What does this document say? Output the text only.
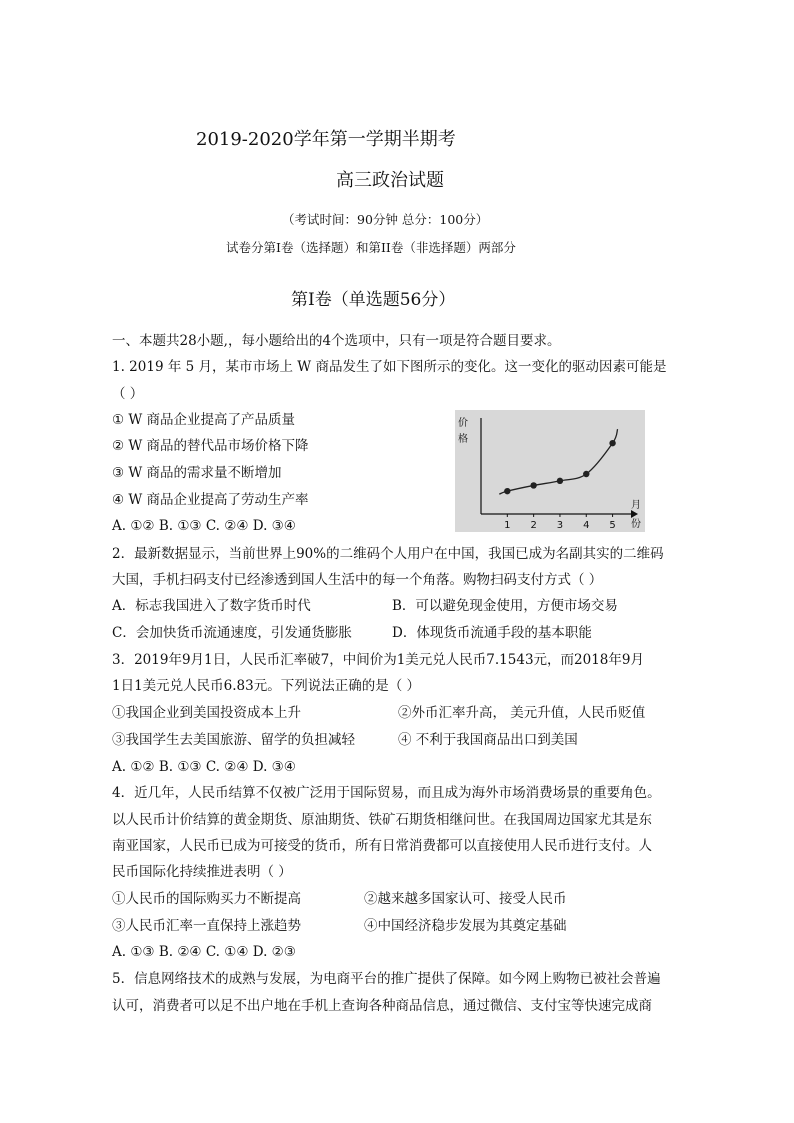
2019-2020学年第一学期半期考
高三政治试题
（考试时间：90分钟 总分：100分）
试卷分第Ⅰ卷（选择题）和第II卷（非选择题）两部分
第Ⅰ卷（单选题56分）
一、本题共28小题,，每小题给出的4个选项中，只有一项是符合题目要求。
1. 2019 年 5 月，某市市场上 W 商品发生了如下图所示的变化。这一变化的驱动因素可能是
（ ）
① W 商品企业提高了产品质量
② W 商品的替代品市场价格下降
③ W 商品的需求量不断增加
④ W 商品企业提高了劳动生产率
A. ①② B. ①③ C. ②④ D. ③④
价
格
月
份
1 2 3 4 5
2．最新数据显示，当前世界上90%的二维码个人用户在中国，我国已成为名副其实的二维码
大国，手机扫码支付已经渗透到国人生活中的每一个角落。购物扫码支付方式（ ）
A．标志我国进入了数字货币时代	B．可以避免现金使用，方便市场交易
C．会加快货币流通速度，引发通货膨胀	D．体现货币流通手段的基本职能
3．2019年9月1日，人民币汇率破7，中间价为1美元兑人民币7.1543元，而2018年9月
1日1美元兑人民币6.83元。下列说法正确的是（ ）
①我国企业到美国投资成本上升	②外币汇率升高， 美元升值，人民币贬值
③我国学生去美国旅游、留学的负担减轻	④ 不利于我国商品出口到美国
A. ①② B. ①③ C. ②④ D. ③④
4．近几年，人民币结算不仅被广泛用于国际贸易，而且成为海外市场消费场景的重要角色。
以人民币计价结算的黄金期货、原油期货、铁矿石期货相继问世。在我国周边国家尤其是东
南亚国家，人民币已成为可接受的货币，所有日常消费都可以直接使用人民币进行支付。人
民币国际化持续推进表明（ ）
①人民币的国际购买力不断提高	②越来越多国家认可、接受人民币
③人民币汇率一直保持上涨趋势	④中国经济稳步发展为其奠定基础
A. ①③ B. ②④ C. ①④ D. ②③
5．信息网络技术的成熟与发展，为电商平台的推广提供了保障。如今网上购物已被社会普遍
认可，消费者可以足不出户地在手机上查询各种商品信息，通过微信、支付宝等快速完成商
